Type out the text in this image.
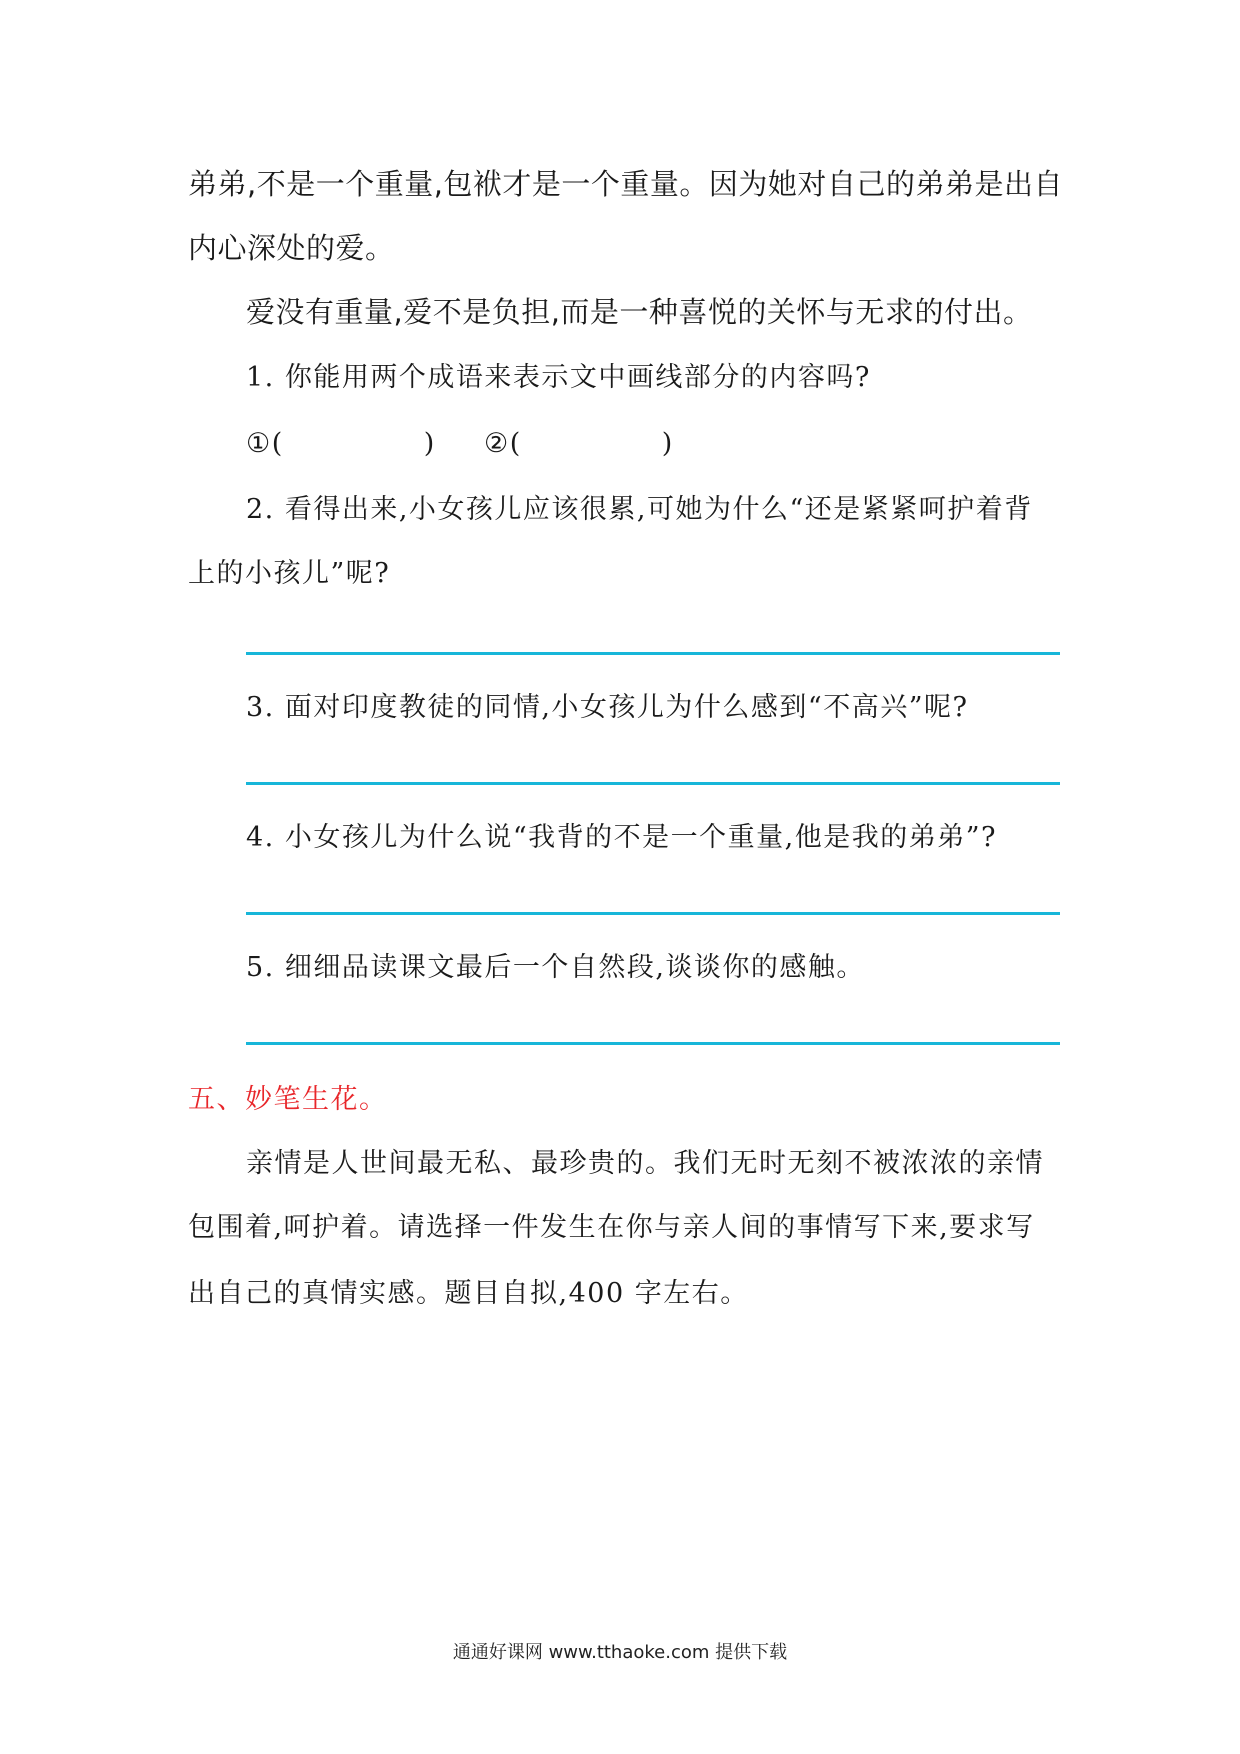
弟弟,不是一个重量,包袱才是一个重量。因为她对自己的弟弟是出自
内心深处的爱。
爱没有重量,爱不是负担,而是一种喜悦的关怀与无求的付出。
1. 你能用两个成语来表示文中画线部分的内容吗?
①(	) ②(	)
2. 看得出来,小女孩儿应该很累,可她为什么“还是紧紧呵护着背
上的小孩儿”呢?
3. 面对印度教徒的同情,小女孩儿为什么感到“不高兴”呢?
4. 小女孩儿为什么说“我背的不是一个重量,他是我的弟弟”?
5. 细细品读课文最后一个自然段,谈谈你的感触。
五、妙笔生花。
亲情是人世间最无私、最珍贵的。我们无时无刻不被浓浓的亲情
包围着,呵护着。请选择一件发生在你与亲人间的事情写下来,要求写
出自己的真情实感。题目自拟,400 字左右。
通通好课网 www.tthaoke.com 提供下载
